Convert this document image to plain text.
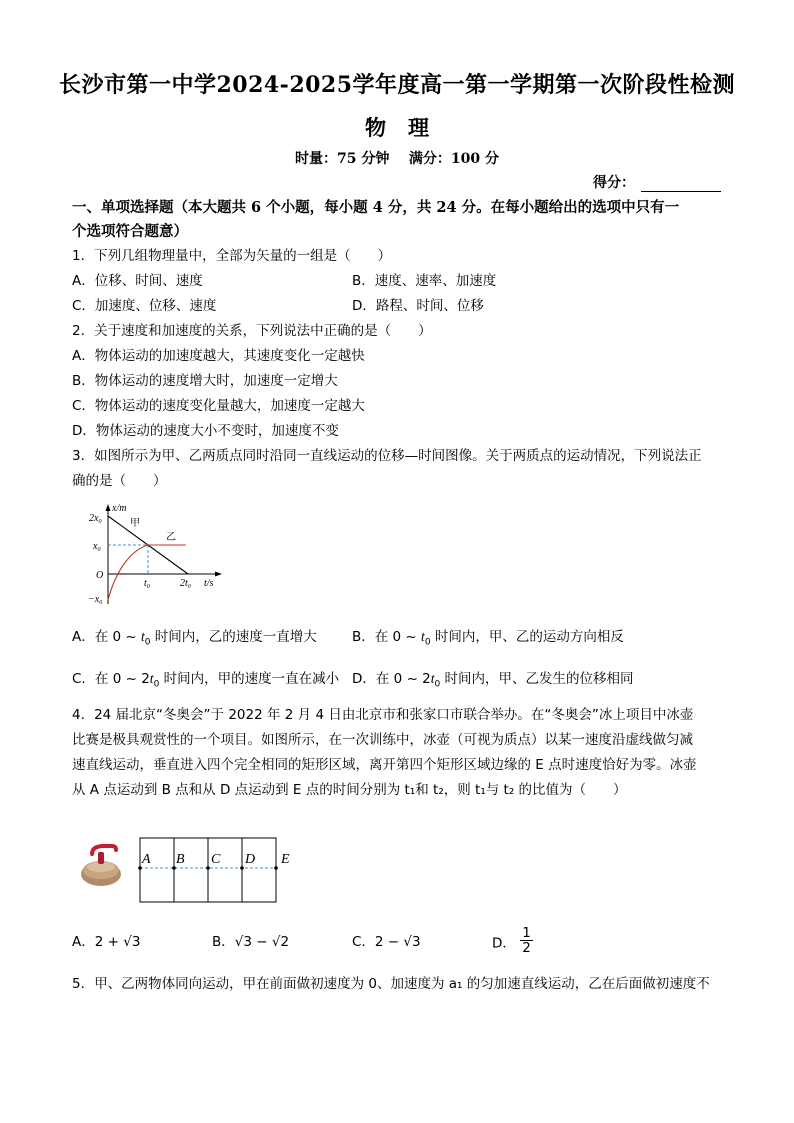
长沙市第一中学2024-2025学年度高一第一学期第一次阶段性检测
物   理
时量：75 分钟    满分：100 分
得分：
一、单项选择题（本大题共 6 个小题，每小题 4 分，共 24 分。在每小题给出的选项中只有一
个选项符合题意）
1．下列几组物理量中，全部为矢量的一组是（　　）
A．位移、时间、速度	B．速度、速率、加速度
C．加速度、位移、速度	D．路程、时间、位移
2．关于速度和加速度的关系，下列说法中正确的是（　　）
A．物体运动的加速度越大，其速度变化一定越快
B．物体运动的速度增大时，加速度一定增大
C．物体运动的速度变化量越大，加速度一定越大
D．物体运动的速度大小不变时，加速度不变
3．如图所示为甲、乙两质点同时沿同一直线运动的位移—时间图像。关于两质点的运动情况，下列说法正
确的是（　　）
x/m
t/s
$2x_0$
$x_0$
$-x_0$
O
$t_0$	$2t_0$
甲
乙
A．在 0 ~ $t_0$ 时间内，乙的速度一直增大	B．在 0 ~ $t_0$ 时间内，甲、乙的运动方向相反
C．在 0 ~ $2t_0$ 时间内，甲的速度一直在减小 D．在 0 ~ $2t_0$ 时间内，甲、乙发生的位移相同
4．24 届北京“冬奥会”于 2022 年 2 月 4 日由北京市和张家口市联合举办。在“冬奥会”冰上项目中冰壶
比赛是极具观赏性的一个项目。如图所示，在一次训练中，冰壶（可视为质点）以某一速度沿虚线做匀减
速直线运动，垂直进入四个完全相同的矩形区域，离开第四个矩形区域边缘的 E 点时速度恰好为零。冰壶
从 A 点运动到 B 点和从 D 点运动到 E 点的时间分别为 t₁和 t₂，则 t₁与 t₂ 的比值为（　　）
A B C D E
A．2 + √3	B．√3 − √2	C．2 − √3	D． $\frac{1}{2}$
5．甲、乙两物体同向运动，甲在前面做初速度为 0、加速度为 a₁ 的匀加速直线运动，乙在后面做初速度不
